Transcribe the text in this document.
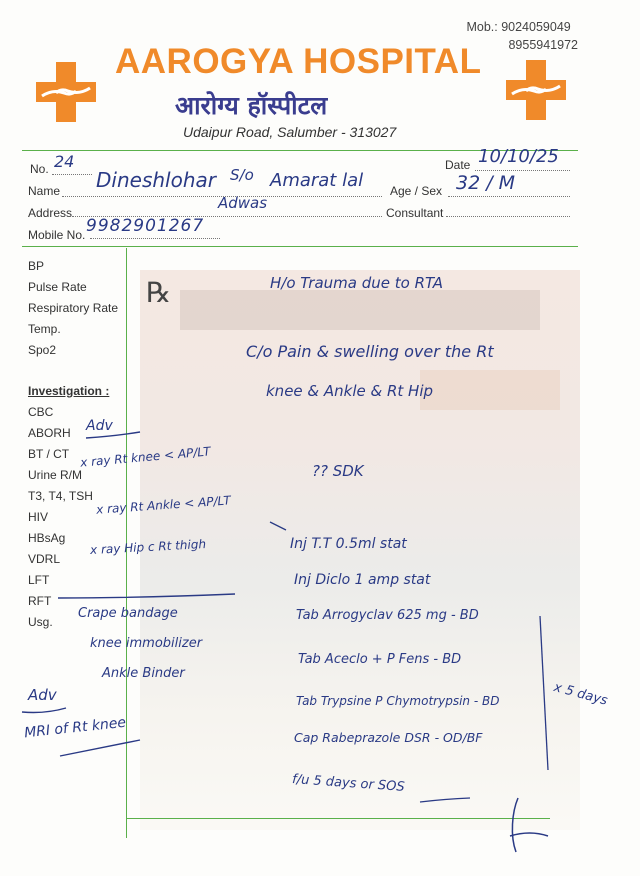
Mob.: 9024059049
8955941972
AAROGYA HOSPITAL
आरोग्य हॉस्पीटल
Udaipur Road, Salumber - 313027
No. 24	Date 10/10/25
Name Dineshlohar S/o Amarat lal Age / Sex 32 / M
Address
Adwas
Consultant
Mobile No. 9982901267
BP
Pulse Rate
Respiratory Rate
Temp.
Spo2
Investigation :
CBC
ABORH
BT / CT
Urine R/M
T3, T4, TSH
HIV
HBsAg
VDRL
LFT
RFT
Usg.
Adv
x ray Rt knee < AP/LT
x ray Rt Ankle < AP/LT
x ray Hip c Rt thigh
Crape bandage
knee immobilizer
Ankle Binder
Adv
MRI of Rt knee
℞	H/o Trauma due to RTA
C/o Pain & swelling over the Rt
knee & Ankle & Rt Hip
?? SDK
Inj T.T 0.5ml stat
Inj Diclo 1 amp stat
Tab Arrogyclav 625 mg - BD
Tab Aceclo + P Fens - BD
Tab Trypsine P Chymotrypsin - BD
Cap Rabeprazole DSR - OD/BF
x 5 days
f/u 5 days or SOS
